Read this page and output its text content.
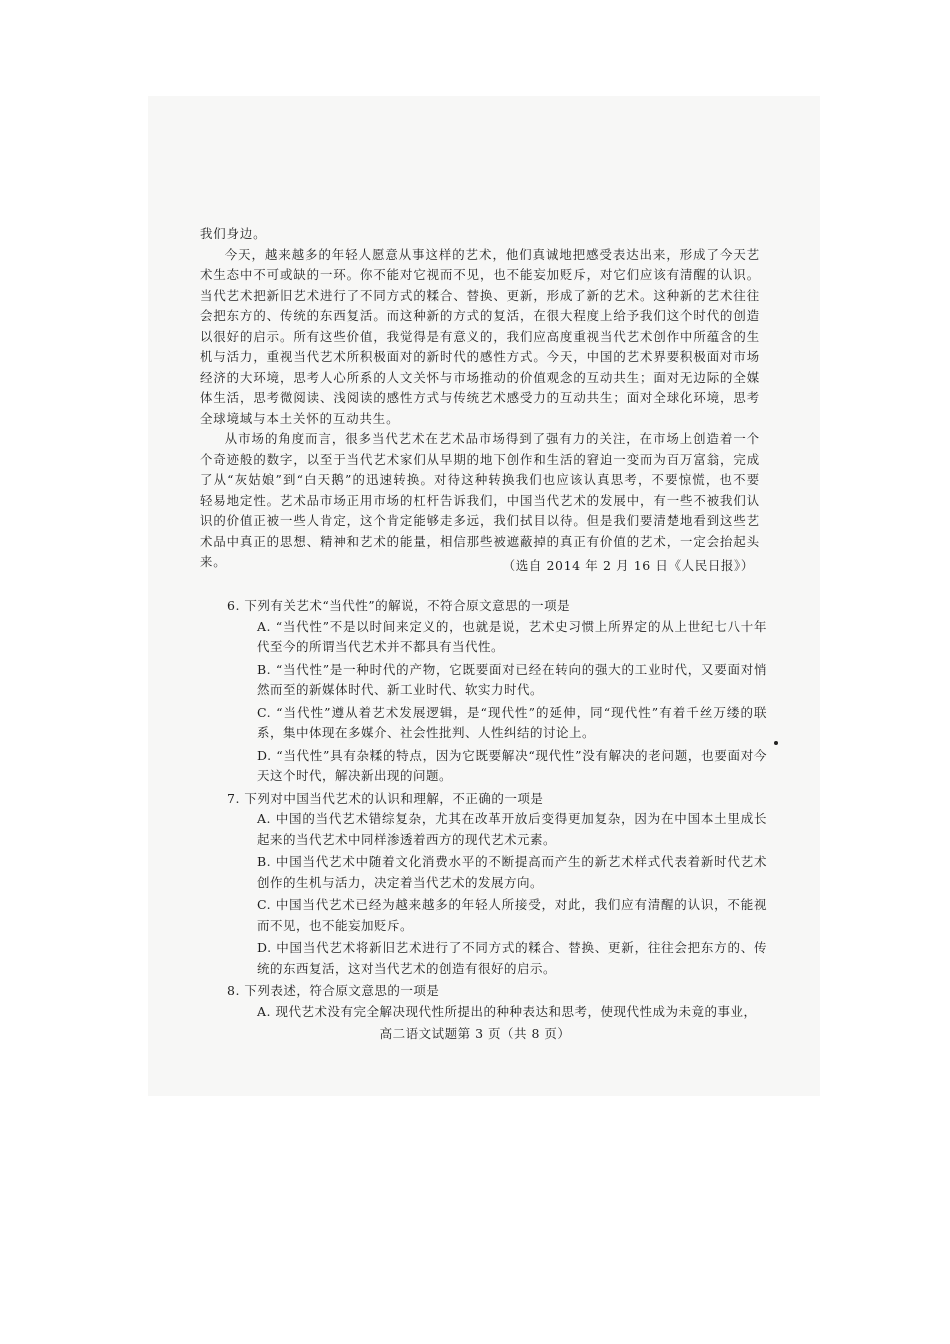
我们身边。

今天，越来越多的年轻人愿意从事这样的艺术，他们真诚地把感受表达出来，形成了今天艺术生态中不可或缺的一环。你不能对它视而不见，也不能妄加贬斥，对它们应该有清醒的认识。当代艺术把新旧艺术进行了不同方式的糅合、替换、更新，形成了新的艺术。这种新的艺术往往会把东方的、传统的东西复活。而这种新的方式的复活，在很大程度上给予我们这个时代的创造以很好的启示。所有这些价值，我觉得是有意义的，我们应高度重视当代艺术创作中所蕴含的生机与活力，重视当代艺术所积极面对的新时代的感性方式。今天，中国的艺术界要积极面对市场经济的大环境，思考人心所系的人文关怀与市场推动的价值观念的互动共生；面对无边际的全媒体生活，思考微阅读、浅阅读的感性方式与传统艺术感受力的互动共生；面对全球化环境，思考全球境域与本土关怀的互动共生。

从市场的角度而言，很多当代艺术在艺术品市场得到了强有力的关注，在市场上创造着一个个奇迹般的数字，以至于当代艺术家们从早期的地下创作和生活的窘迫一变而为百万富翁，完成了从“灰姑娘”到“白天鹅”的迅速转换。对待这种转换我们也应该认真思考，不要惊慌，也不要轻易地定性。艺术品市场正用市场的杠杆告诉我们，中国当代艺术的发展中，有一些不被我们认识的价值正被一些人肯定，这个肯定能够走多远，我们拭目以待。但是我们要清楚地看到这些艺术品中真正的思想、精神和艺术的能量，相信那些被遮蔽掉的真正有价值的艺术，一定会抬起头来。	（选自 2014 年 2 月 16 日《人民日报》）

6. 下列有关艺术“当代性”的解说，不符合原文意思的一项是

A. “当代性”不是以时间来定义的，也就是说，艺术史习惯上所界定的从上世纪七八十年代至今的所谓当代艺术并不都具有当代性。

B. “当代性”是一种时代的产物，它既要面对已经在转向的强大的工业时代，又要面对悄然而至的新媒体时代、新工业时代、软实力时代。

C. “当代性”遵从着艺术发展逻辑，是“现代性”的延伸，同“现代性”有着千丝万缕的联系，集中体现在多媒介、社会性批判、人性纠结的讨论上。

D. “当代性”具有杂糅的特点，因为它既要解决“现代性”没有解决的老问题，也要面对今天这个时代，解决新出现的问题。

7. 下列对中国当代艺术的认识和理解，不正确的一项是

A. 中国的当代艺术错综复杂，尤其在改革开放后变得更加复杂，因为在中国本土里成长起来的当代艺术中同样渗透着西方的现代艺术元素。

B. 中国当代艺术中随着文化消费水平的不断提高而产生的新艺术样式代表着新时代艺术创作的生机与活力，决定着当代艺术的发展方向。

C. 中国当代艺术已经为越来越多的年轻人所接受，对此，我们应有清醒的认识，不能视而不见，也不能妄加贬斥。

D. 中国当代艺术将新旧艺术进行了不同方式的糅合、替换、更新，往往会把东方的、传统的东西复活，这对当代艺术的创造有很好的启示。

8. 下列表述，符合原文意思的一项是

A. 现代艺术没有完全解决现代性所提出的种种表达和思考，使现代性成为未竟的事业，

高二语文试题第 3 页（共 8 页）
